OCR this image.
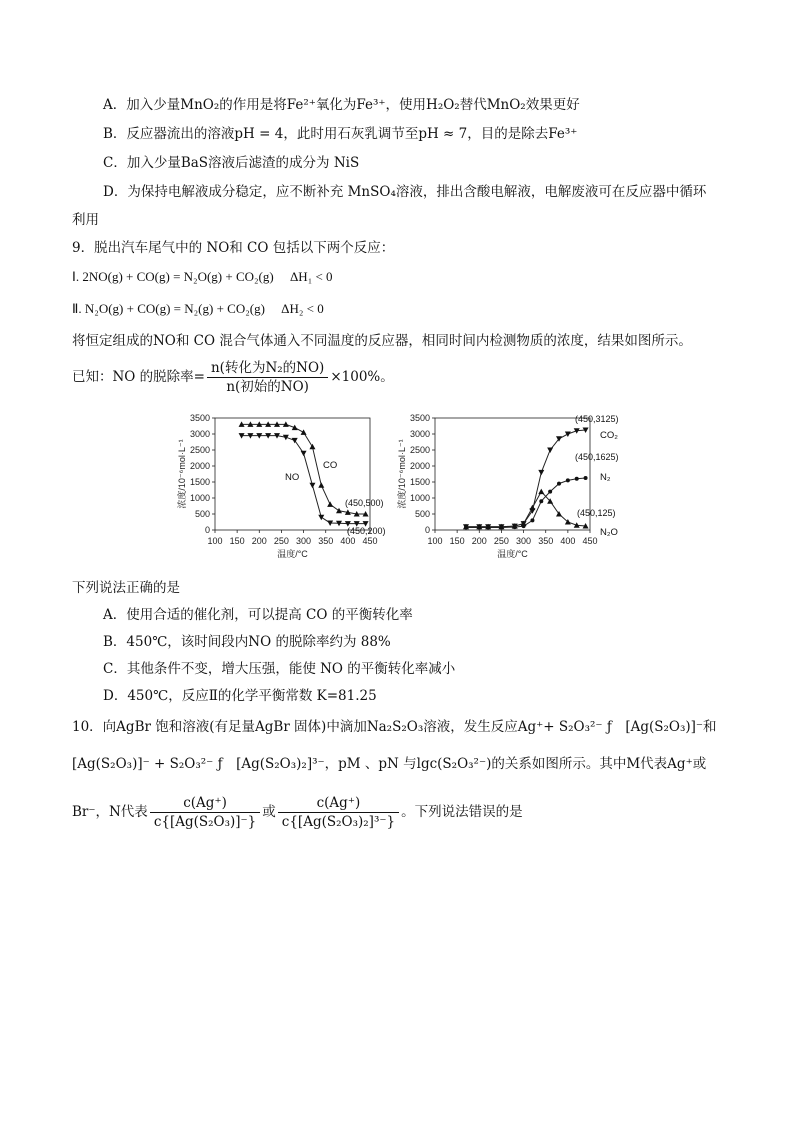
A．加入少量MnO₂的作用是将Fe²⁺氧化为Fe³⁺，使用H₂O₂替代MnO₂效果更好
B．反应器流出的溶液pH = 4，此时用石灰乳调节至pH ≈ 7，目的是除去Fe³⁺
C．加入少量BaS溶液后滤渣的成分为 NiS
D．为保持电解液成分稳定，应不断补充 MnSO₄溶液，排出含酸电解液，电解废液可在反应器中循环
利用
9．脱出汽车尾气中的 NO和 CO 包括以下两个反应：
Ⅰ. 2NO(g) + CO(g) = N₂O(g) + CO₂(g)　 ΔH₁ < 0
Ⅱ. N₂O(g) + CO(g) = N₂(g) + CO₂(g)　 ΔH₂ < 0
将恒定组成的NO和 CO 混合气体通入不同温度的反应器，相同时间内检测物质的浓度，结果如图所示。
已知：NO 的脱除率= $\frac{\text{n(转化为N₂的NO)}}{\text{n(初始的NO)}} \times 100\%$。
0
500
1000
1500
2000
2500
3000
3500
100 150 200 250 300 350 400 450
温度/°C
浓度/10⁻⁶mol·L⁻¹	CO
NO
(450,500)
(450,200)	0
500
1000
1500
2000
2500
3000
3500
100 150 200 250 300 350 400 450
温度/°C
浓度/10⁻⁶mol·L⁻¹
CO₂
N₂
N₂O
(450,3125)
(450,1625)
(450,125)
下列说法正确的是
A．使用合适的催化剂，可以提高 CO 的平衡转化率
B．450℃，该时间段内NO 的脱除率约为 88%
C．其他条件不变，增大压强，能使 NO 的平衡转化率减小
D．450℃，反应Ⅱ的化学平衡常数 K=81.25
10．向AgBr 饱和溶液(有足量AgBr 固体)中滴加Na₂S₂O₃溶液，发生反应Ag⁺+ S₂O₃²⁻ ƒ　[Ag(S₂O₃)]⁻和
[Ag(S₂O₃)]⁻ + S₂O₃²⁻ ƒ　[Ag(S₂O₃)₂]³⁻，pM 、pN 与lgc(S₂O₃²⁻)的关系如图所示。其中M代表Ag⁺或
Br⁻，N代表 $\frac{c(Ag^+)}{\text{c\{[Ag(S₂O₃)]⁻\}}}$ 或 $\frac{c(Ag^+)}{\text{c\{[Ag(S₂O₃)₂]³⁻\}}}$ 。下列说法错误的是
